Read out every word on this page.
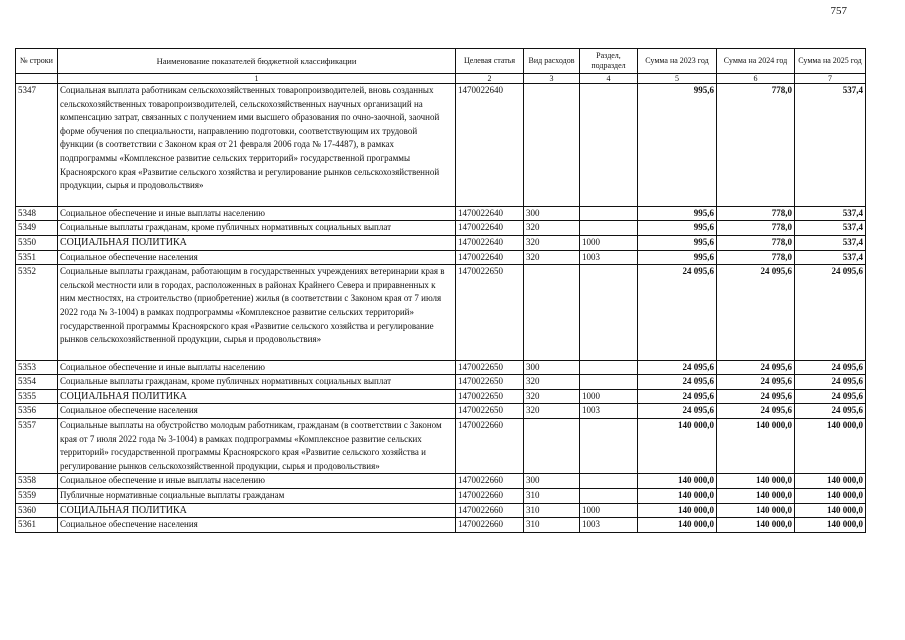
757
№ строки	Наименование показателей бюджетной классификации	Целевая статья	Вид расходов	Раздел, подраздел	Сумма на 2023 год	Сумма на 2024 год	Сумма на 2025 год
	1	2	3	4	5	6	7
5347	Социальная выплата работникам сельскохозяйственных товаропроизводителей, вновь созданных сельскохозяйственных товаропроизводителей, сельскохозяйственных научных организаций на компенсацию затрат, связанных с получением ими высшего образования по очно-заочной, заочной форме обучения по специальности, направлению подготовки, соответствующим их трудовой функции (в соответствии с Законом края от 21 февраля 2006 года № 17-4487), в рамках подпрограммы «Комплексное развитие сельских территорий» государственной программы Красноярского края «Развитие сельского хозяйства и регулирование рынков сельскохозяйственной продукции, сырья и продовольствия»	1470022640			995,6	778,0	537,4

5348	Социальное обеспечение и иные выплаты населению	1470022640	300		995,6	778,0	537,4
5349	Социальные выплаты гражданам, кроме публичных нормативных социальных выплат	1470022640	320		995,6	778,0	537,4
5350	СОЦИАЛЬНАЯ ПОЛИТИКА	1470022640	320	1000	995,6	778,0	537,4
5351	Социальное обеспечение населения	1470022640	320	1003	995,6	778,0	537,4
5352	Социальные выплаты гражданам, работающим в государственных учреждениях ветеринарии края в сельской местности или в городах, расположенных в районах Крайнего Севера и приравненных к ним местностях, на строительство (приобретение) жилья (в соответствии с Законом края от 7 июля 2022 года № 3-1004) в рамках подпрограммы «Комплексное развитие сельских территорий» государственной программы Красноярского края «Развитие сельского хозяйства и регулирование рынков сельскохозяйственной продукции, сырья и продовольствия»	1470022650			24 095,6	24 095,6	24 095,6

5353	Социальное обеспечение и иные выплаты населению	1470022650	300		24 095,6	24 095,6	24 095,6
5354	Социальные выплаты гражданам, кроме публичных нормативных социальных выплат	1470022650	320		24 095,6	24 095,6	24 095,6
5355	СОЦИАЛЬНАЯ ПОЛИТИКА	1470022650	320	1000	24 095,6	24 095,6	24 095,6
5356	Социальное обеспечение населения	1470022650	320	1003	24 095,6	24 095,6	24 095,6
5357	Социальные выплаты на обустройство молодым работникам, гражданам (в соответствии с Законом края от 7 июля 2022 года № 3-1004) в рамках подпрограммы «Комплексное развитие сельских территорий» государственной программы Красноярского края «Развитие сельского хозяйства и регулирование рынков сельскохозяйственной продукции, сырья и продовольствия»	1470022660			140 000,0	140 000,0	140 000,0
5358	Социальное обеспечение и иные выплаты населению	1470022660	300		140 000,0	140 000,0	140 000,0
5359	Публичные нормативные социальные выплаты гражданам	1470022660	310		140 000,0	140 000,0	140 000,0
5360	СОЦИАЛЬНАЯ ПОЛИТИКА	1470022660	310	1000	140 000,0	140 000,0	140 000,0
5361	Социальное обеспечение населения	1470022660	310	1003	140 000,0	140 000,0	140 000,0
